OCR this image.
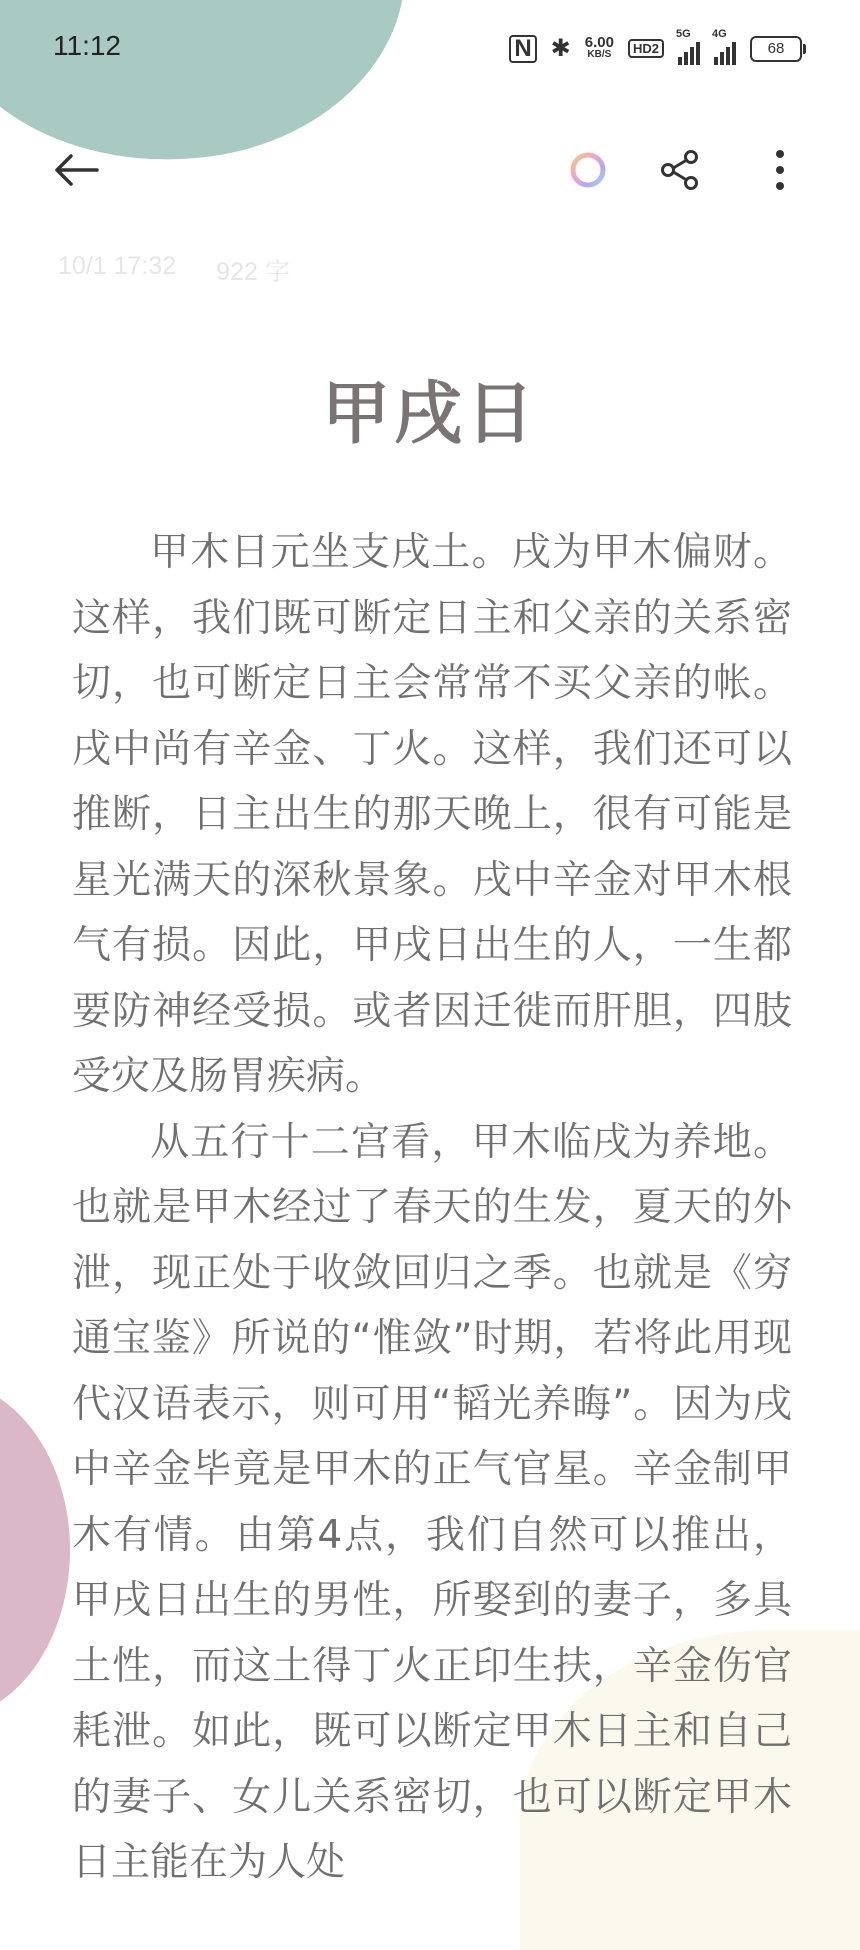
11:12	N ✱ 6.00
KB/S	HD2
5G 4G
68
10/1 17:32 922 字
甲戌日

甲木日元坐支戌土。戌为甲木偏财。这样，我们既可断定日主和父亲的关系密切，也可断定日主会常常不买父亲的帐。戌中尚有辛金、丁火。这样，我们还可以推断，日主出生的那天晚上，很有可能是星光满天的深秋景象。戌中辛金对甲木根气有损。因此，甲戌日出生的人，一生都要防神经受损。或者因迁徙而肝胆，四肢受灾及肠胃疾病。

从五行十二宫看，甲木临戌为养地。也就是甲木经过了春天的生发，夏天的外泄，现正处于收敛回归之季。也就是《穷通宝鉴》所说的“惟敛”时期，若将此用现代汉语表示，则可用“韬光养晦”。因为戌中辛金毕竟是甲木的正气官星。辛金制甲木有情。由第4点，我们自然可以推出，甲戌日出生的男性，所娶到的妻子，多具土性，而这土得丁火正印生扶，辛金伤官耗泄。如此，既可以断定甲木日主和自己的妻子、女儿关系密切，也可以断定甲木日主能在为人处
